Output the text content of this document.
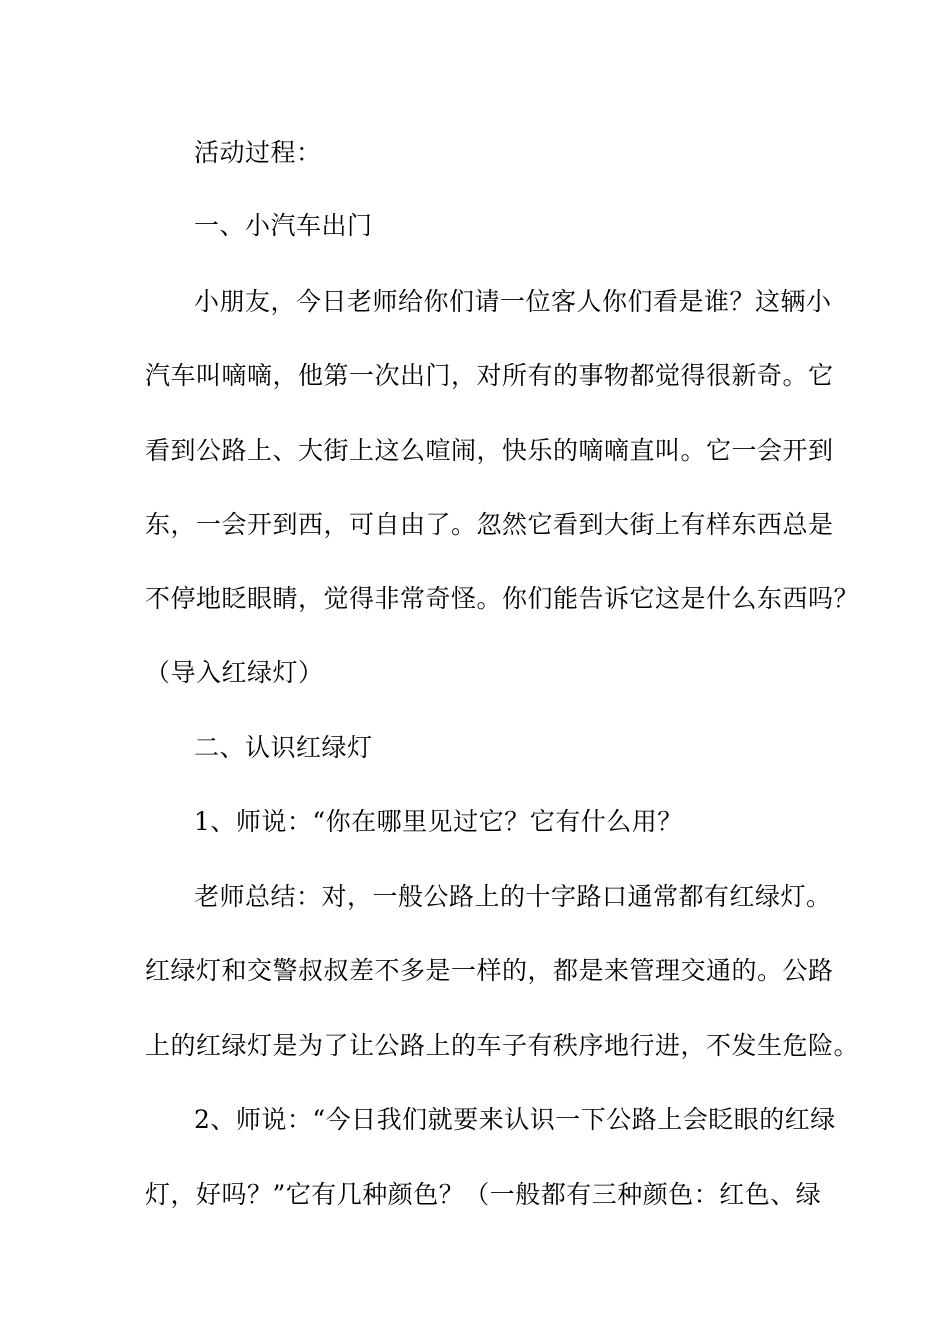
活动过程：
一、小汽车出门
小朋友，今日老师给你们请一位客人你们看是谁？这辆小
汽车叫嘀嘀，他第一次出门，对所有的事物都觉得很新奇。它
看到公路上、大街上这么喧闹，快乐的嘀嘀直叫。它一会开到
东，一会开到西，可自由了。忽然它看到大街上有样东西总是
不停地眨眼睛，觉得非常奇怪。你们能告诉它这是什么东西吗？
（导入红绿灯）
二、认识红绿灯
1、师说：“你在哪里见过它？它有什么用？
老师总结：对，一般公路上的十字路口通常都有红绿灯。
红绿灯和交警叔叔差不多是一样的，都是来管理交通的。公路
上的红绿灯是为了让公路上的车子有秩序地行进，不发生危险。
2、师说：“今日我们就要来认识一下公路上会眨眼的红绿
灯，好吗？”它有几种颜色？（一般都有三种颜色：红色、绿
